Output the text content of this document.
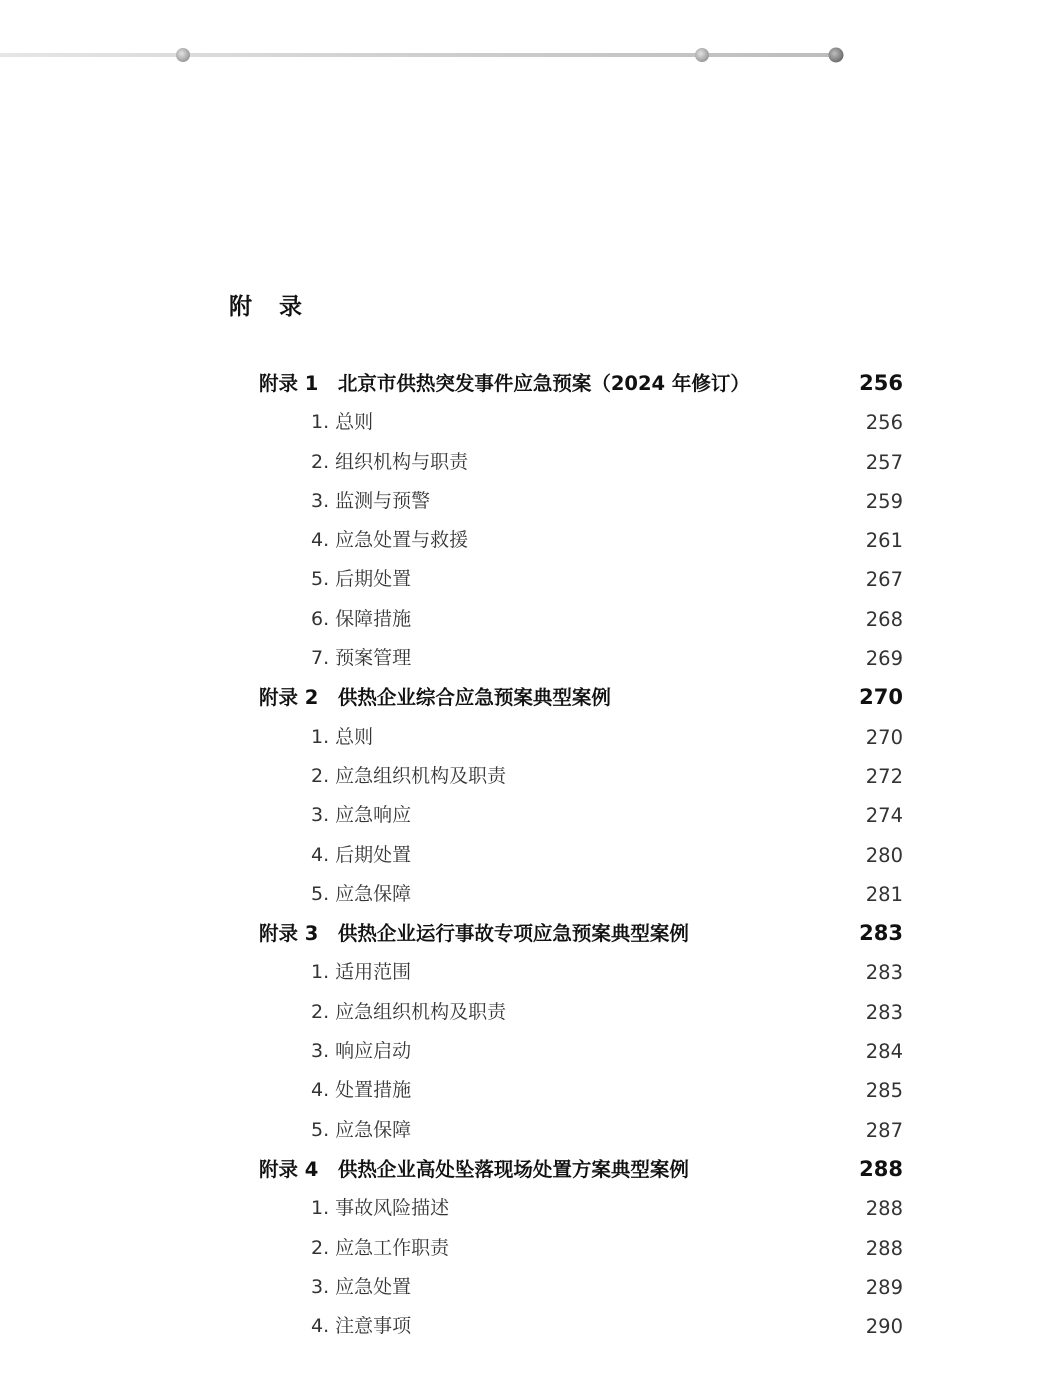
附　录
附录 1　北京市供热突发事件应急预案（2024 年修订）	256
1. 总则	256
2. 组织机构与职责	257
3. 监测与预警	259
4. 应急处置与救援	261
5. 后期处置	267
6. 保障措施	268
7. 预案管理	269
附录 2　供热企业综合应急预案典型案例	270
1. 总则	270
2. 应急组织机构及职责	272
3. 应急响应	274
4. 后期处置	280
5. 应急保障	281
附录 3　供热企业运行事故专项应急预案典型案例	283
1. 适用范围	283
2. 应急组织机构及职责	283
3. 响应启动	284
4. 处置措施	285
5. 应急保障	287
附录 4　供热企业高处坠落现场处置方案典型案例	288
1. 事故风险描述	288
2. 应急工作职责	288
3. 应急处置	289
4. 注意事项	290
